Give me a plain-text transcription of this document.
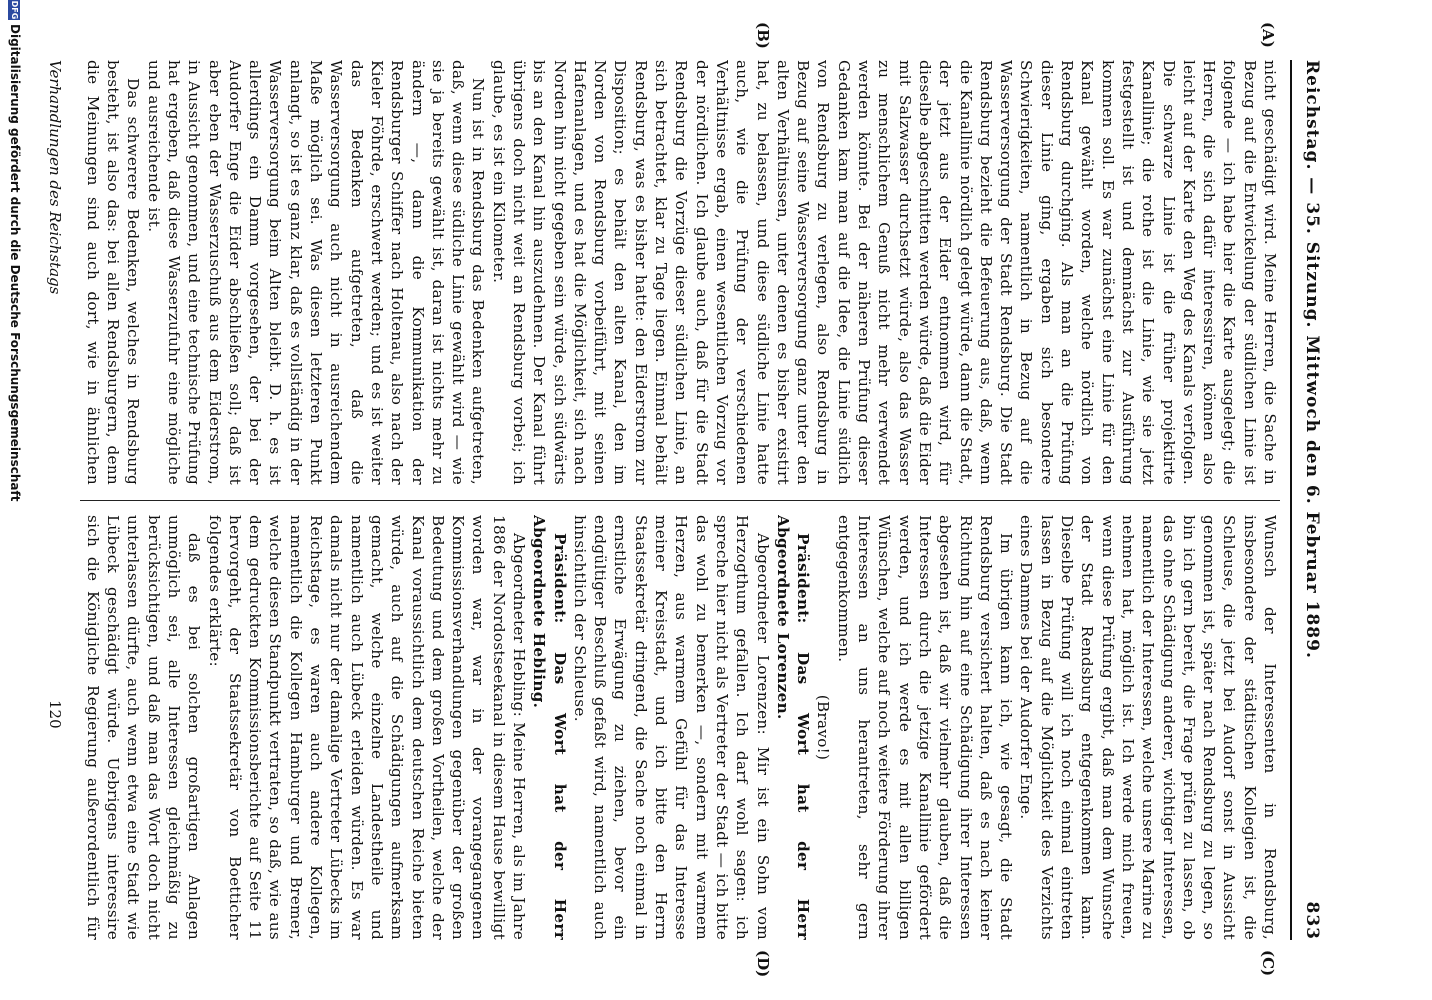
Reichstag. — 35. Sitzung. Mittwoch den 6. Februar 1889.
833
(A)
(B)
(C)
(D)

nicht geschädigt wird. Meine Herren, die Sache in Bezug auf die Entwickelung der südlichen Linie ist folgende — ich habe hier die Karte ausgelegt; die Herren, die sich dafür interessiren, können also leicht auf der Karte den Weg des Kanals verfolgen. Die schwarze Linie ist die früher projektirte Kanallinie; die rothe ist die Linie, wie sie jetzt festgestellt ist und demnächst zur Ausführung kommen soll. Es war zunächst eine Linie für den Kanal gewählt worden, welche nördlich von Rendsburg durchging. Als man an die Prüfung dieser Linie ging, ergaben sich besondere Schwierigkeiten, namentlich in Bezug auf die Wasserversorgung der Stadt Rendsburg. Die Stadt Rendsburg bezieht die Befeuerung aus, daß, wenn die Kanallinie nördlich gelegt würde, dann die Stadt, der jetzt aus der Eider entnommen wird, für dieselbe abgeschnitten werden würde, daß die Eider mit Salzwasser durchsetzt würde, also das Wasser zu menschlichem Genuß nicht mehr verwendet werden könnte. Bei der näheren Prüfung dieser Gedanken kam man auf die Idee, die Linie südlich von Rendsburg zu verlegen, also Rendsburg in Bezug auf seine Wasserversorgung ganz unter den alten Verhältnissen, unter denen es bisher existirt hat, zu belassen, und diese südliche Linie hatte auch, wie die Prüfung der verschiedenen Verhältnisse ergab, einen wesentlichen Vorzug vor der nördlichen. Ich glaube auch, daß für die Stadt Rendsburg die Vorzüge dieser südlichen Linie, an sich betrachtet, klar zu Tage liegen. Einmal behält Rendsburg, was es bisher hatte: den Eiderstrom zur Disposition; es behält den alten Kanal, den im Norden von Rendsburg vorbeiführt, mit seinen Hafenanlagen, und es hat die Möglichkeit, sich nach Norden hin nicht gegeben sein würde, sich südwärts bis an den Kanal hin auszudehnen. Der Kanal führt übrigens doch nicht weit an Rendsburg vorbei; ich glaube, es ist ein Kilometer.

Nun ist in Rendsburg das Bedenken aufgetreten, daß, wenn diese südliche Linie gewählt wird — wie sie ja bereits gewählt ist, daran ist nichts mehr zu ändern —, dann die Kommunikation der Rendsburger Schiffer nach Holtenau, also nach der Kieler Föhrde, erschwert werden; und es ist weiter das Bedenken aufgetreten, daß die Wasserversorgung auch nicht in ausreichendem Maße möglich sei. Was diesen letzteren Punkt anlangt, so ist es ganz klar, daß es vollständig in der Wasserversorgung beim Alten bleibt. D. h. es ist allerdings ein Damm vorgesehen, der bei der Audorfer Enge die Eider abschließen soll; daß ist aber eben der Wasserzuschuß aus dem Eiderstrom, in Aussicht genommen, und eine technische Prüfung hat ergeben, daß diese Wasserzufuhr eine mögliche und ausreichende ist.

Das schwerere Bedenken, welches in Rendsburg besteht, ist also das: bei allen Rendsburgern, denn die Meinungen sind auch dort, wie in ähnlichen

Verhandlungen des Reichstags

Wunsch der Interessenten in Rendsburg, insbesondere der städtischen Kollegien ist, die Schleuse, die jetzt bei Audorf sonst in Aussicht genommen ist, später nach Rendsburg zu legen, so bin ich gern bereit, die Frage prüfen zu lassen, ob das ohne Schädigung anderer, wichtiger Interessen, namentlich der Interessen, welche unsere Marine zu nehmen hat, möglich ist. Ich werde mich freuen, wenn diese Prüfung ergibt, daß man dem Wunsche der Stadt Rendsburg entgegenkommen kann. Dieselbe Prüfung will ich noch einmal eintreten lassen in Bezug auf die Möglichkeit des Verzichts eines Dammes bei der Audorfer Enge.

Im übrigen kann ich, wie gesagt, die Stadt Rendsburg versichert halten, daß es nach keiner Richtung hin auf eine Schädigung ihrer Interessen abgesehen ist, daß wir vielmehr glauben, daß die Interessen durch die jetzige Kanallinie gefördert werden, und ich werde es mit allen billigen Wünschen, welche auf noch weitere Förderung ihrer Interessen an uns herantreten, sehr gern entgegenkommen.

(Bravo!)

Präsident: Das Wort hat der Herr Abgeordnete Lorenzen.

Abgeordneter Lorenzen: Mir ist ein Sohn vom Herzogthum gefallen. Ich darf wohl sagen: ich spreche hier nicht als Vertreter der Stadt — ich bitte das wohl zu bemerken —, sondern mit warmem Herzen, aus warmem Gefühl für das Interesse meiner Kreisstadt, und ich bitte den Herrn Staatssekretär dringend, die Sache noch einmal in ernstliche Erwägung zu ziehen, bevor ein endgültiger Beschluß gefaßt wird, namentlich auch hinsichtlich der Schleuse.

Präsident: Das Wort hat der Herr Abgeordnete Hebling.

Abgeordneter Hebling: Meine Herren, als im Jahre 1886 der Nordostseekanal in diesem Hause bewilligt worden war, war in der vorangegangenen Kommissionsverhandlungen gegenüber der großen Bedeutung und dem großen Vortheilen, welche der Kanal voraussichtlich dem deutschen Reiche bieten würde, auch auf die Schädigungen aufmerksam gemacht, welche einzelne Landestheile und namentlich auch Lübeck erleiden würden. Es war damals nicht nur der damalige Vertreter Lübecks im Reichstage, es waren auch andere Kollegen, namentlich die Kollegen Hamburger und Bremer, welche diesen Standpunkt vertraten, so daß, wie aus dem gedruckten Kommissionsberichte auf Seite 11 hervorgeht, der Staatssekretär von Boetticher folgendes erklärte:

daß es bei solchen großartigen Anlagen unmöglich sei, alle Interessen gleichmäßig zu berücksichtigen, und daß man das Wort doch nicht unterlassen dürfte, auch wenn etwa eine Stadt wie Lübeck geschädigt würde. Uebrigens interessire sich die Königliche Regierung außerordentlich für

120
DFGDigitalisierung gefördert durch die Deutsche Forschungsgemeinschaft
